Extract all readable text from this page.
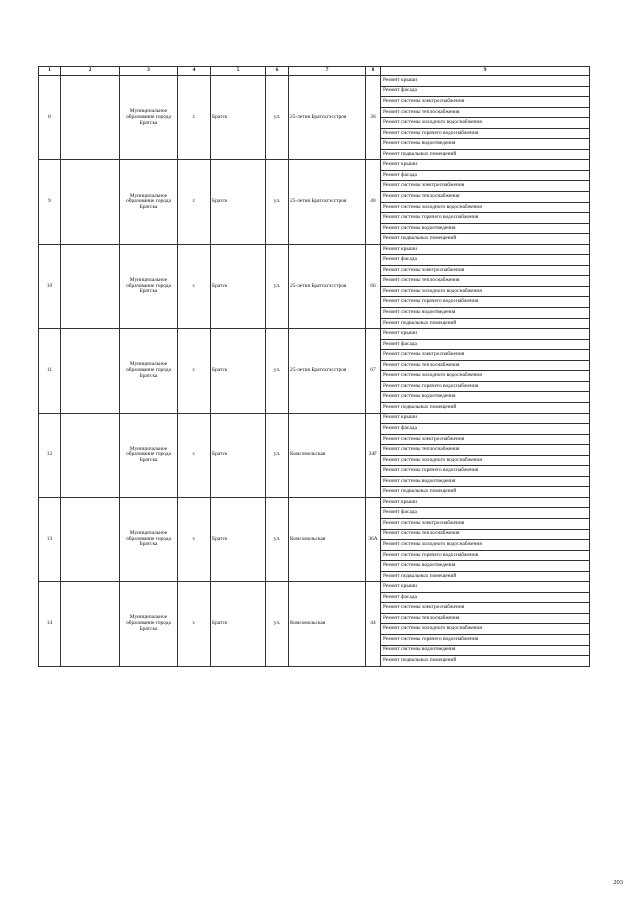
1	2	3	4	5	6	7	8	9
8		Муниципальное образование города Братска	г.	Братск	ул.	25-летия Братскгэсстроя	36	Ремонт крыши
								Ремонт фасада
								Ремонт системы электроснабжения
								Ремонт системы теплоснабжения
								Ремонт системы холодного водоснабжения
								Ремонт системы горячего водоснабжения
								Ремонт системы водоотведения
								Ремонт подвальных помещений
9		Муниципальное образование города Братска	г.	Братск	ул.	25-летия Братскгэсстроя	40	Ремонт крыши
								Ремонт фасада
								Ремонт системы электроснабжения
								Ремонт системы теплоснабжения
								Ремонт системы холодного водоснабжения
								Ремонт системы горячего водоснабжения
								Ремонт системы водоотведения
								Ремонт подвальных помещений
10		Муниципальное образование города Братска	г.	Братск	ул.	25-летия Братскгэсстроя	66	Ремонт крыши
								Ремонт фасада
								Ремонт системы электроснабжения
								Ремонт системы теплоснабжения
								Ремонт системы холодного водоснабжения
								Ремонт системы горячего водоснабжения
								Ремонт системы водоотведения
								Ремонт подвальных помещений
11		Муниципальное образование города Братска	г.	Братск	ул.	25-летия Братскгэсстроя	67	Ремонт крыши
								Ремонт фасада
								Ремонт системы электроснабжения
								Ремонт системы теплоснабжения
								Ремонт системы холодного водоснабжения
								Ремонт системы горячего водоснабжения
								Ремонт системы водоотведения
								Ремонт подвальных помещений
12		Муниципальное образование города Братска	г.	Братск	ул.	Комсомольская	34Г	Ремонт крыши
								Ремонт фасада
								Ремонт системы электроснабжения
								Ремонт системы теплоснабжения
								Ремонт системы холодного водоснабжения
								Ремонт системы горячего водоснабжения
								Ремонт системы водоотведения
								Ремонт подвальных помещений
13		Муниципальное образование города Братска	г.	Братск	ул.	Комсомольская	36А	Ремонт крыши
								Ремонт фасада
								Ремонт системы электроснабжения
								Ремонт системы теплоснабжения
								Ремонт системы холодного водоснабжения
								Ремонт системы горячего водоснабжения
								Ремонт системы водоотведения
								Ремонт подвальных помещений
14		Муниципальное образование города Братска	г.	Братск	ул.	Комсомольская	44	Ремонт крыши
								Ремонт фасада
								Ремонт системы электроснабжения
								Ремонт системы теплоснабжения
								Ремонт системы холодного водоснабжения
								Ремонт системы горячего водоснабжения
								Ремонт системы водоотведения
								Ремонт подвальных помещений
203
